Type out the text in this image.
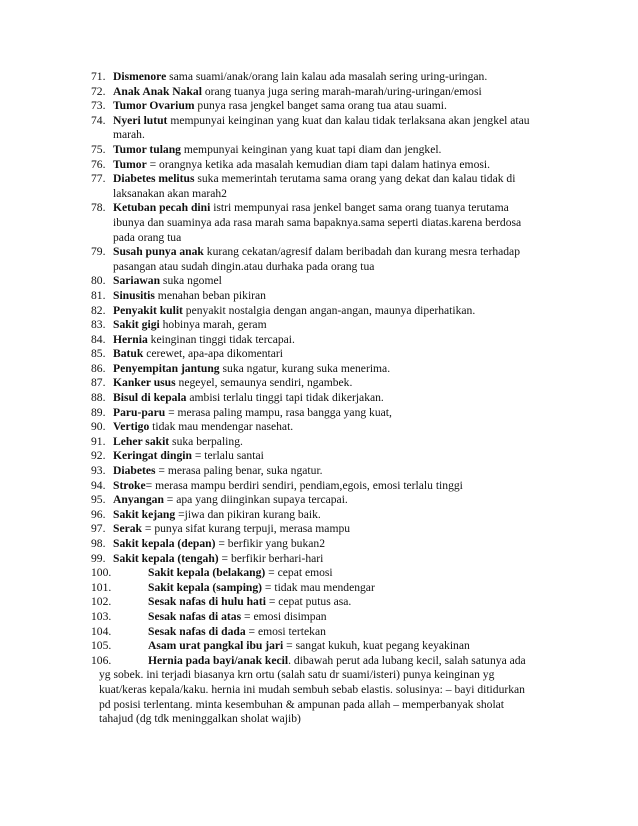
71. Dismenore sama suami/anak/orang lain kalau ada masalah sering uring-uringan.
72. Anak Anak Nakal orang tuanya juga sering marah-marah/uring-uringan/emosi
73. Tumor Ovarium punya rasa jengkel banget sama orang tua atau suami.
74. Nyeri lutut mempunyai keinginan yang kuat dan kalau tidak terlaksana akan jengkel atau marah.
75. Tumor tulang mempunyai keinginan yang kuat tapi diam dan jengkel.
76. Tumor = orangnya ketika ada masalah kemudian diam tapi dalam hatinya emosi.
77. Diabetes melitus suka memerintah terutama sama orang yang dekat dan kalau tidak di laksanakan akan marah2
78. Ketuban pecah dini istri mempunyai rasa jenkel banget sama orang tuanya terutama ibunya dan suaminya ada rasa marah sama bapaknya.sama seperti diatas.karena berdosa pada orang tua
79. Susah punya anak kurang cekatan/agresif dalam beribadah dan kurang mesra terhadap pasangan atau sudah dingin.atau durhaka pada orang tua
80. Sariawan suka ngomel
81. Sinusitis menahan beban pikiran
82. Penyakit kulit penyakit nostalgia dengan angan-angan, maunya diperhatikan.
83. Sakit gigi hobinya marah, geram
84. Hernia keinginan tinggi tidak tercapai.
85. Batuk cerewet, apa-apa dikomentari
86. Penyempitan jantung suka ngatur, kurang suka menerima.
87. Kanker usus negeyel, semaunya sendiri, ngambek.
88. Bisul di kepala ambisi terlalu tinggi tapi tidak dikerjakan.
89. Paru-paru = merasa paling mampu, rasa bangga yang kuat,
90. Vertigo tidak mau mendengar nasehat.
91. Leher sakit suka berpaling.
92. Keringat dingin = terlalu santai
93. Diabetes = merasa paling benar, suka ngatur.
94. Stroke= merasa mampu berdiri sendiri, pendiam,egois, emosi terlalu tinggi
95. Anyangan = apa yang diinginkan supaya tercapai.
96. Sakit kejang =jiwa dan pikiran kurang baik.
97. Serak = punya sifat kurang terpuji, merasa mampu
98. Sakit kepala (depan) = berfikir yang bukan2
99. Sakit kepala (tengah) = berfikir berhari-hari
100.	Sakit kepala (belakang) = cepat emosi
101.	Sakit kepala (samping) = tidak mau mendengar
102.	Sesak nafas di hulu hati = cepat putus asa.
103.	Sesak nafas di atas = emosi disimpan
104.	Sesak nafas di dada = emosi tertekan
105.	Asam urat pangkal ibu jari = sangat kukuh, kuat pegang keyakinan
106.	Hernia pada bayi/anak kecil. dibawah perut ada lubang kecil, salah satunya ada yg sobek. ini terjadi biasanya krn ortu (salah satu dr suami/isteri) punya keinginan yg kuat/keras kepala/kaku. hernia ini mudah sembuh sebab elastis. solusinya: – bayi ditidurkan pd posisi terlentang. minta kesembuhan & ampunan pada allah – memperbanyak sholat tahajud (dg tdk meninggalkan sholat wajib)
